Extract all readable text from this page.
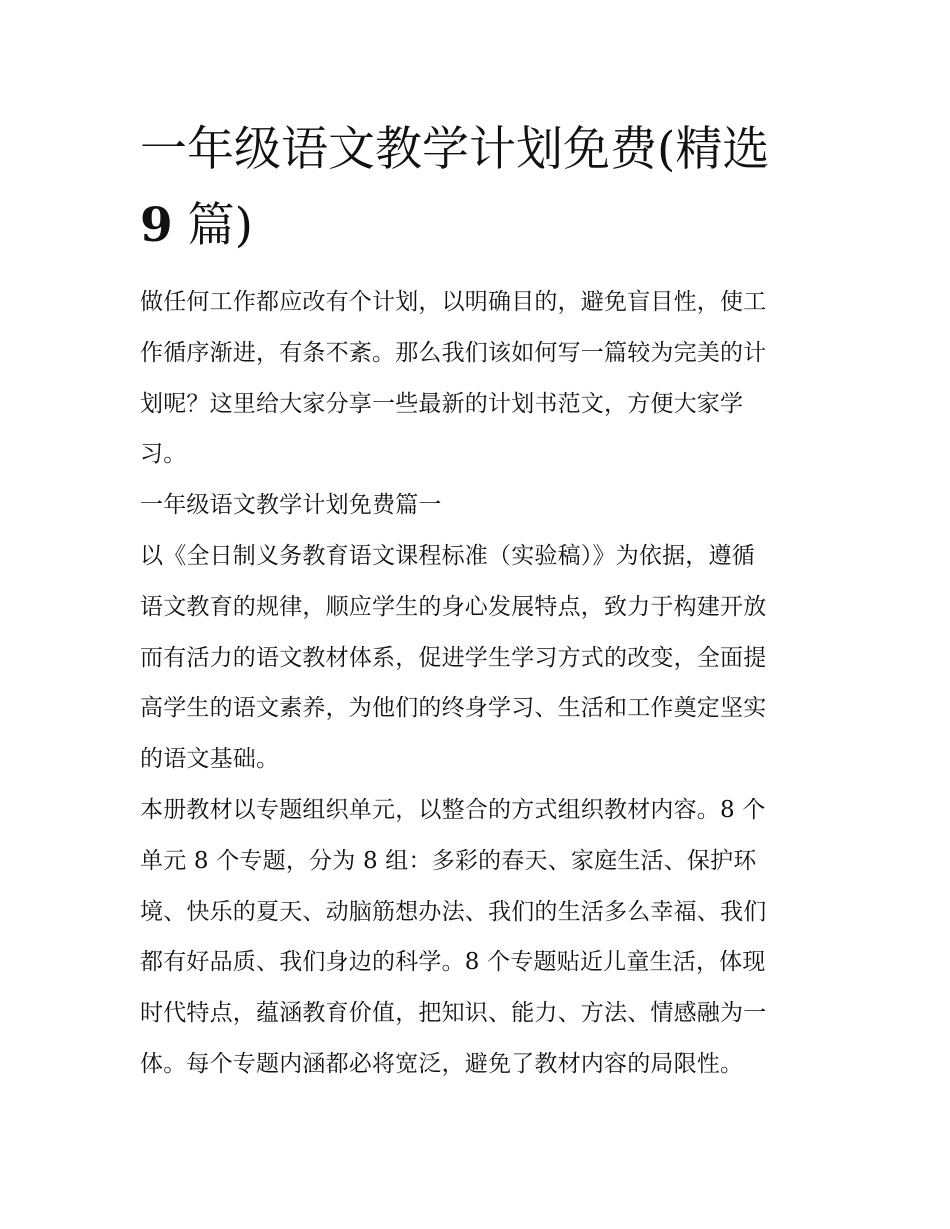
一年级语文教学计划免费(精选
9 篇)
做任何工作都应改有个计划，以明确目的，避免盲目性，使工
作循序渐进，有条不紊。那么我们该如何写一篇较为完美的计
划呢？这里给大家分享一些最新的计划书范文，方便大家学
习。
一年级语文教学计划免费篇一
以《全日制义务教育语文课程标准（实验稿）》为依据，遵循
语文教育的规律，顺应学生的身心发展特点，致力于构建开放
而有活力的语文教材体系，促进学生学习方式的改变，全面提
高学生的语文素养，为他们的终身学习、生活和工作奠定坚实
的语文基础。
本册教材以专题组织单元，以整合的方式组织教材内容。8 个
单元 8 个专题，分为 8 组：多彩的春天、家庭生活、保护环
境、快乐的夏天、动脑筋想办法、我们的生活多么幸福、我们
都有好品质、我们身边的科学。8 个专题贴近儿童生活，体现
时代特点，蕴涵教育价值，把知识、能力、方法、情感融为一
体。每个专题内涵都必将宽泛，避免了教材内容的局限性。
